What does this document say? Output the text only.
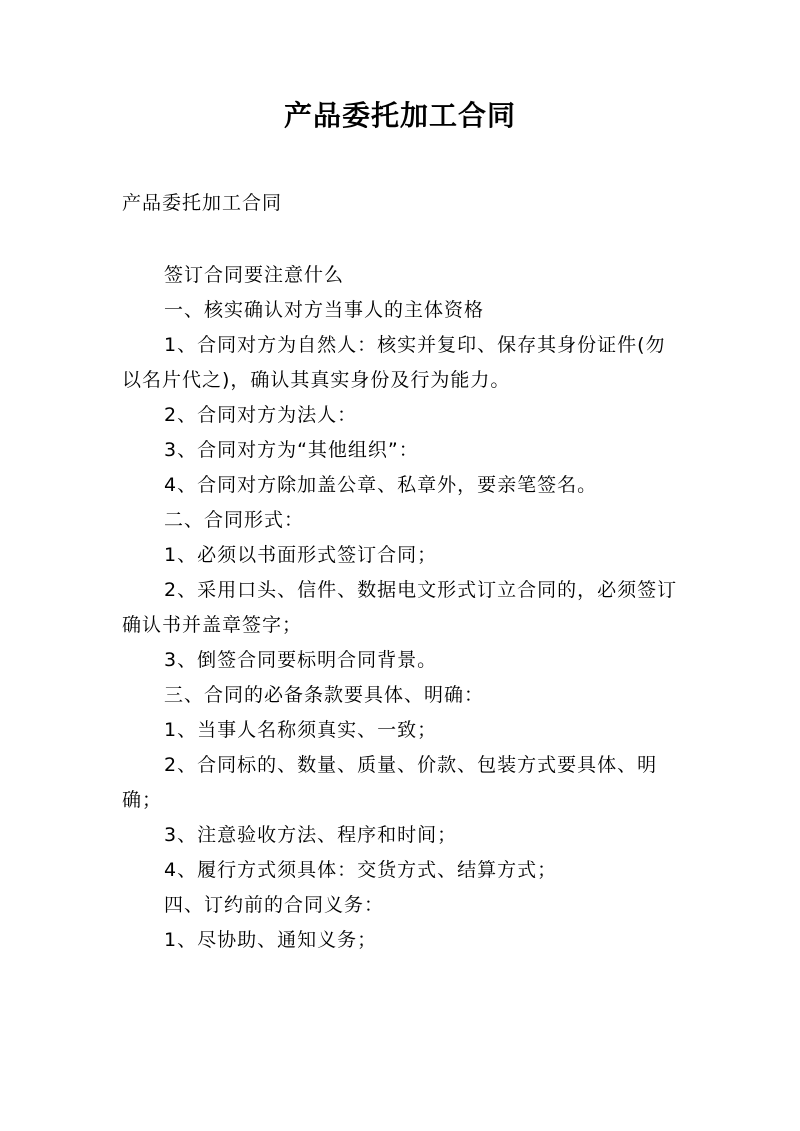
产品委托加工合同
产品委托加工合同

签订合同要注意什么

一、核实确认对方当事人的主体资格

1、合同对方为自然人：核实并复印、保存其身份证件(勿以名片代之)，确认其真实身份及行为能力。

2、合同对方为法人：

3、合同对方为“其他组织”：

4、合同对方除加盖公章、私章外，要亲笔签名。

二、合同形式：

1、必须以书面形式签订合同；

2、采用口头、信件、数据电文形式订立合同的，必须签订确认书并盖章签字；

3、倒签合同要标明合同背景。

三、合同的必备条款要具体、明确：

1、当事人名称须真实、一致；

2、合同标的、数量、质量、价款、包装方式要具体、明确；

3、注意验收方法、程序和时间；

4、履行方式须具体：交货方式、结算方式；

四、订约前的合同义务：

1、尽协助、通知义务；
